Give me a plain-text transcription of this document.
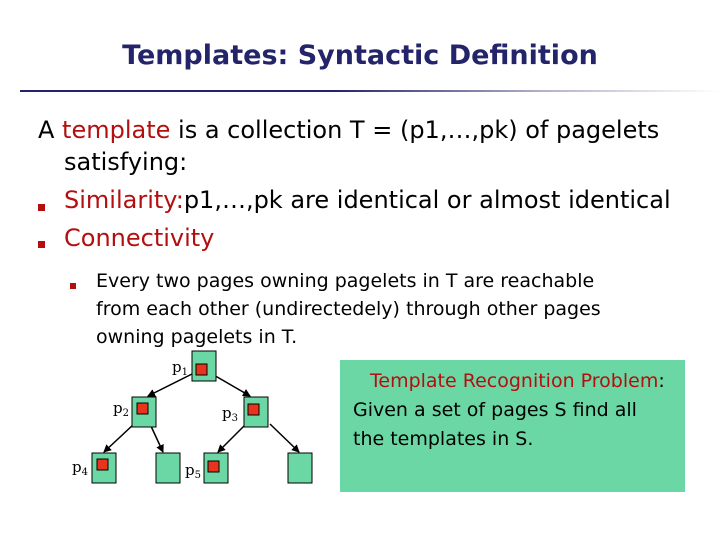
Templates: Syntactic Definition
A template is a collection T = (p1,…,pk) of pagelets
satisfying:
Similarity:p1,…,pk are identical or almost identical
Connectivity
Every two pages owning pagelets in T are reachable
from each other (undirectedely) through other pages
owning pagelets in T.
Template Recognition Problem:
Given a set of pages S find all
the templates in S.
$p_1$
$p_2$	$p_3$
$p_4$	$p_5$
